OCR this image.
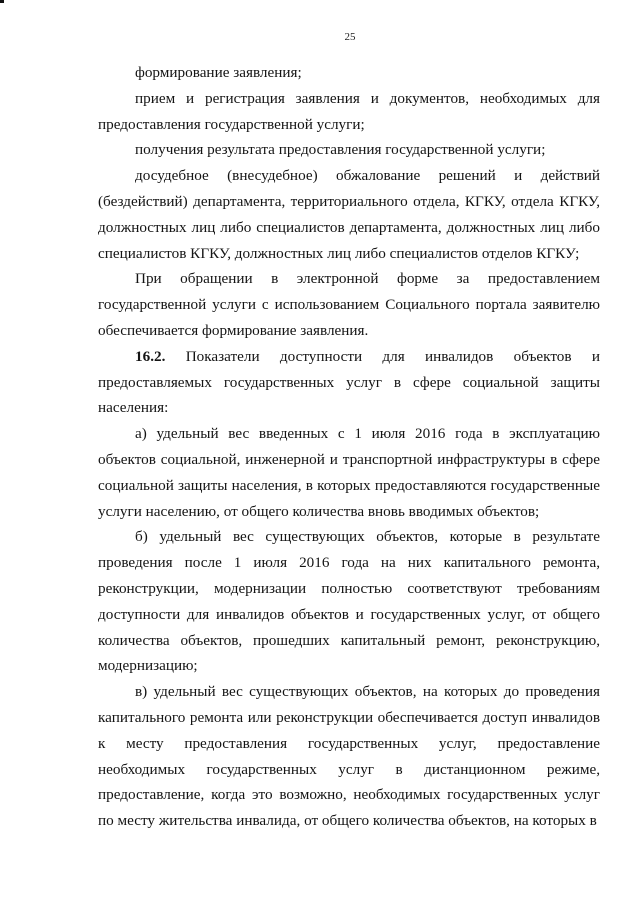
25

формирование заявления;

прием и регистрация заявления и документов, необходимых для предоставления государственной услуги;

получения результата предоставления государственной услуги;

досудебное (внесудебное) обжалование решений и действий (бездействий) департамента, территориального отдела, КГКУ, отдела КГКУ, должностных лиц либо специалистов департамента, должностных лиц либо специалистов КГКУ, должностных лиц либо специалистов отделов КГКУ;

При обращении в электронной форме за предоставлением государственной услуги с использованием Социального портала заявителю обеспечивается формирование заявления.

16.2. Показатели доступности для инвалидов объектов и предоставляемых государственных услуг в сфере социальной защиты населения:

а) удельный вес введенных с 1 июля 2016 года в эксплуатацию объектов социальной, инженерной и транспортной инфраструктуры в сфере социальной защиты населения, в которых предоставляются государственные услуги населению, от общего количества вновь вводимых объектов;

б) удельный вес существующих объектов, которые в результате проведения после 1 июля 2016 года на них капитального ремонта, реконструкции, модернизации полностью соответствуют требованиям доступности для инвалидов объектов и государственных услуг, от общего количества объектов, прошедших капитальный ремонт, реконструкцию, модернизацию;

в) удельный вес существующих объектов, на которых до проведения капитального ремонта или реконструкции обеспечивается доступ инвалидов к месту предоставления государственных услуг, предоставление необходимых государственных услуг в дистанционном режиме, предоставление, когда это возможно, необходимых государственных услуг по месту жительства инвалида, от общего количества объектов, на которых в
